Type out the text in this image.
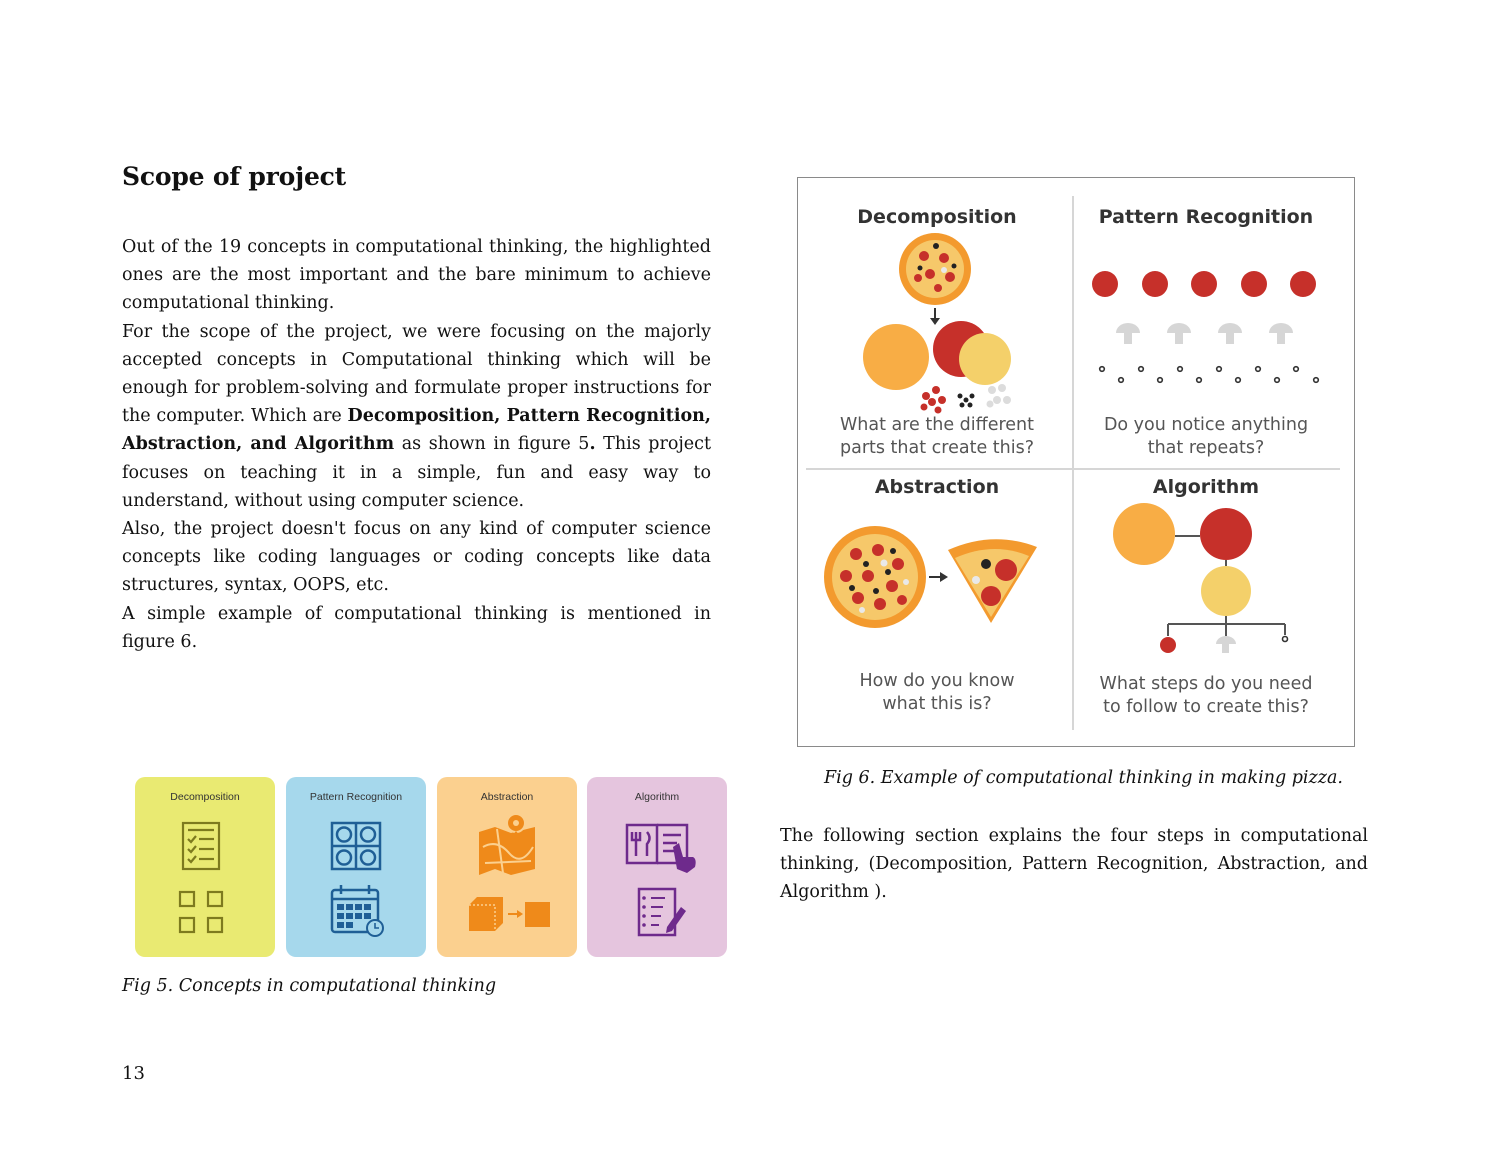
Scope of project

Out of the 19 concepts in computational thinking, the highlighted ones are the most important and the bare minimum to achieve computational thinking.

For the scope of the project, we were focusing on the majorly accepted concepts in Computational thinking which will be enough for problem-solving and formulate proper instructions for the computer. Which are Decomposition, Pattern Recognition, Abstraction, and Algorithm as shown in figure 5. This project focuses on teaching it in a simple, fun and easy way to understand, without using computer science.

Also, the project doesn't focus on any kind of computer science concepts like coding languages or coding concepts like data structures, syntax, OOPS, etc.

A simple example of computational thinking is mentioned in figure 6.

Decomposition	Pattern Recognition
Abstraction	Algorithm
What are the different
parts that create this?
Do you notice anything
that repeats?
How do you know
what this is?
What steps do you need
to follow to create this?
Fig 6. Example of computational thinking in making pizza.
The following section explains the four steps in computational thinking, (Decomposition, Pattern Recognition, Abstraction, and Algorithm ).
Decomposition	Pattern Recognition	Abstraction	Algorithm
Fig 5. Concepts in computational thinking
13
